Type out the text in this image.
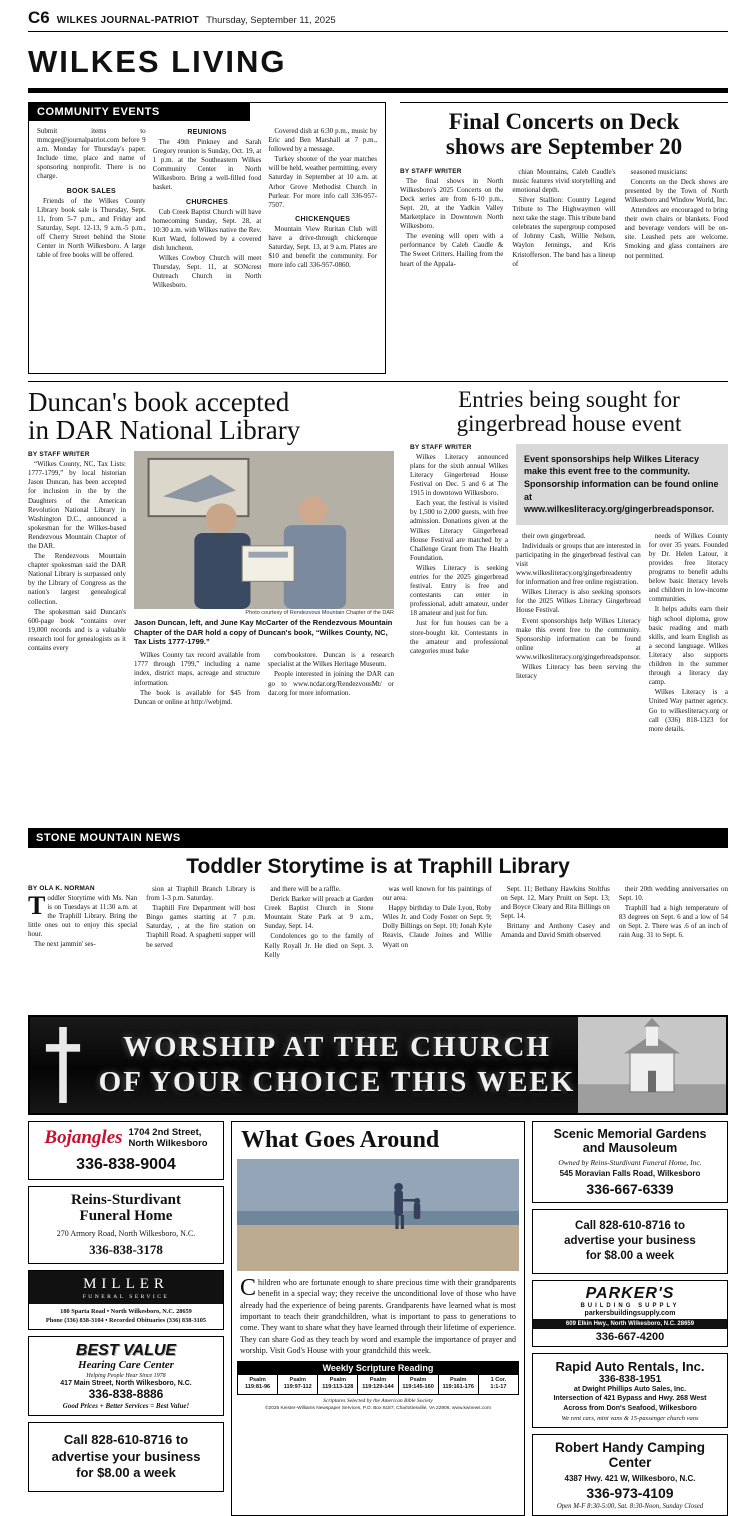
C6 WILKES JOURNAL-PATRIOT Thursday, September 11, 2025
WILKES LIVING
COMMUNITY EVENTS

Submit items to mmcgee@journalpatriot.com before 9 a.m. Monday for Thursday's paper. Include time, place and name of sponsoring nonprofit. There is no charge.

BOOK SALES

Friends of the Wilkes County Library book sale is Thursday, Sept. 11, from 5-7 p.m., and Friday and Saturday, Sept. 12-13, 9 a.m.-5 p.m., off Cherry Street behind the Stone Center in North Wilkesboro. A large table of free books will be offered.

REUNIONS

The 49th Pinkney and Sarah Gregory reunion is Sunday, Oct. 19, at 1 p.m. at the Southeastern Wilkes Community Center in North Wilkesboro. Bring a well-filled food basket.

CHURCHES

Cub Creek Baptist Church will have homecoming Sunday, Sept. 28, at 10:30 a.m. with Wilkes native the Rev. Kurt Ward, followed by a covered dish luncheon.

Wilkes Cowboy Church will meet Thursday, Sept. 11, at SONcrest Outreach Church in North Wilkesboro.

Covered dish at 6:30 p.m., music by Eric and Ben Marshall at 7 p.m., followed by a message.

Turkey shooter of the year matches will be held, weather permitting, every Saturday in September at 10 a.m. at Arbor Grove Methodist Church in Purlear. For more info call 336-957-7507.

CHICKENQUES

Mountain View Ruritan Club will have a drive-through chickenque Saturday, Sept. 13, at 9 a.m. Plates are $10 and benefit the community. For more info call 336-957-0860.

Final Concerts on Deck
shows are September 20
BY STAFF WRITER

The final shows in North Wilkesboro's 2025 Concerts on the Deck series are from 6-10 p.m., Sept. 20, at the Yadkin Valley Marketplace in Downtown North Wilkesboro.

The evening will open with a performance by Caleb Caudle & The Sweet Critters. Hailing from the heart of the Appala-

chian Mountains, Caleb Caudle's music features vivid storytelling and emotional depth.

Silver Stallion: Country Legend Tribute to The Highwaymen will next take the stage. This tribute band celebrates the supergroup composed of Johnny Cash, Willie Nelson, Waylon Jennings, and Kris Kristofferson. The band has a lineup of

seasoned musicians:

Concerts on the Deck shows are presented by the Town of North Wilkesboro and Window World, Inc.

Attendees are encouraged to bring their own chairs or blankets. Food and beverage vendors will be on-site. Leashed pets are welcome. Smoking and glass containers are not permitted.

Duncan's book accepted
in DAR National Library
BY STAFF WRITER

“Wilkes County, NC, Tax Lists: 1777-1799,” by local historian Jason Duncan, has been accepted for inclusion in the by the Daughters of the American Revolution National Library in Washington D.C., announced a spokesman for the Wilkes-based Rendezvous Mountain Chapter of the DAR.

The Rendezvous Mountain chapter spokesman said the DAR National Library is surpassed only by the Library of Congress as the nation's largest genealogical collection.

The spokesman said Duncan's 600-page book “contains over 19,000 records and is a valuable research tool for genealogists as it contains every

Photo courtesy of Rendezvous Mountain Chapter of the DAR
Jason Duncan, left, and June Kay McCarter of the Rendezvous Mountain Chapter of the DAR hold a copy of Duncan's book, “Wilkes County, NC, Tax Lists 1777-1799.”

Wilkes County tax record available from 1777 through 1799,” including a name index, district maps, acreage and structure information.

The book is available for $45 from Duncan or online at http://webjmd.

com/bookstore. Duncan is a research specialist at the Wilkes Heritage Museum.

People interested in joining the DAR can go to www.ncdar.org/RendezvousMt/ or dar.org for more information.

Entries being sought for
gingerbread house event
BY STAFF WRITER

Wilkes Literacy announced plans for the sixth annual Wilkes Literacy Gingerbread House Festival on Dec. 5 and 6 at The 1915 in downtown Wilkesboro.

Each year, the festival is visited by 1,500 to 2,000 guests, with free admission. Donations given at the Wilkes Literacy Gingerbread House Festival are matched by a Challenge Grant from The Health Foundation.

Wilkes Literacy is seeking entries for the 2025 gingerbread festival. Entry is free and contestants can enter in professional, adult amateur, under 18 amateur and just for fun.

Just for fun houses can be a store-bought kit. Contestants in the amateur and professional categories must bake

Event sponsorships help Wilkes Literacy make this event free to the community. Sponsorship information can be found online at www.wilkesliteracy.org/gingerbreadsponsor.

their own gingerbread.

Individuals or groups that are interested in participating in the gingerbread festival can visit www.wilkesliteracy.org/gingerbreadentry for information and free online registration.

Wilkes Literacy is also seeking sponsors for the 2025 Wilkes Literacy Gingerbread House Festival.

Event sponsorships help Wilkes Literacy make this event free to the community. Sponsorship information can be found online at www.wilkesliteracy.org/gingerbreadsponsor.

Wilkes Literacy has been serving the literacy

needs of Wilkes County for over 35 years. Founded by Dr. Helen Latour, it provides free literacy programs to benefit adults below basic literacy levels and children in low-income communities.

It helps adults earn their high school diploma, grow basic reading and math skills, and learn English as a second language. Wilkes Literacy also supports children in the summer through a literacy day camp.

Wilkes Literacy is a United Way partner agency. Go to wilkesliteracy.org or call (336) 818-1323 for more details.

STONE MOUNTAIN NEWS
Toddler Storytime is at Traphill Library
BY OLA K. NORMAN

Toddler Storytime with Ms. Nan is on Tuesdays at 11:30 a.m. at the Traphill Library. Bring the little ones out to enjoy this special hour.

The next jammin' ses-

sion at Traphill Branch Library is from 1-3 p.m. Saturday.

Traphill Fire Department will host Bingo games starting at 7 p.m. Saturday, , at the fire station on Traphill Road. A spaghetti supper will be served

and there will be a raffle.

Derick Barker will preach at Garden Creek Baptist Church in Stone Mountain State Park at 9 a.m., Sunday, Sept. 14.

Condolences go to the family of Kelly Royall Jr. He died on Sept. 3. Kelly

was well known for his paintings of our area.

Happy birthday to Dale Lyon, Roby Wiles Jr. and Cody Foster on Sept. 9; Dolly Billings on Sept. 10; Jonah Kyle Reavis, Claude Joines and Willie Wyatt on

Sept. 11; Bethany Hawkins Stoltfus on Sept. 12, Mary Pruitt on Sept. 13; and Boyce Cleary and Rita Billings on Sept. 14.

Brittany and Anthony Casey and Amanda and David Smith observed

their 20th wedding anniversaries on Sept. 10.

Traphill had a high temperature of 83 degrees on Sept. 6 and a low of 54 on Sept. 2. There was .6 of an inch of rain Aug. 31 to Sept. 6.

WORSHIP AT THE CHURCH
OF YOUR CHOICE THIS WEEK
Bojangles 1704 2nd Street,
North Wilkesboro
336-838-9004
Reins-Sturdivant
Funeral Home
270 Armory Road, North Wilkesboro, N.C.
336-838-3178
MILLER
FUNERAL SERVICE
180 Sparta Road • North Wilkesboro, N.C. 28659
Phone (336) 838-3104 • Recorded Obituaries (336) 838-3105
BEST VALUE
Hearing Care Center
Helping People Hear Since 1978
417 Main Street, North Wilkesboro, N.C.
336-838-8886
Good Prices + Better Services = Best Value!
Call 828-610-8716 to
advertise your business
for $8.00 a week
What Goes Around
Children who are fortunate enough to share precious time with their grandparents benefit in a special way; they receive the unconditional love of those who have already had the experience of being parents. Grandparents have learned what is most important to teach their grandchildren, what is important to pass to generations to come. They want to share what they have learned through their lifetime of experience. They can share God as they teach by word and example the importance of prayer and worship. Visit God's House with your grandchild this week.
Weekly Scripture Reading
Psalm
119:81-96
Psalm
119:97-112
Psalm
119:113-128
Psalm
119:129-144
Psalm
119:145-160
Psalm
119:161-176
1 Cor.
1:1-17
Scriptures Selected by the American Bible Society
©2025 Keister-Williams Newspaper Services, P.O. Box 8187, Charlottesville, VA 22906, www.kwnews.com
Scenic Memorial Gardens
and Mausoleum
Owned by Reins-Sturdivant Funeral Home, Inc.
545 Moravian Falls Road, Wilkesboro
336-667-6339
Call 828-610-8716 to
advertise your business
for $8.00 a week
PARKER'S
BUILDING SUPPLY
parkersbuildingsupply.com
609 Elkin Hwy., North Wilkesboro, N.C. 28659
336-667-4200
Rapid Auto Rentals, Inc.
336-838-1951
at Dwight Phillips Auto Sales, Inc.
Intersection of 421 Bypass and Hwy. 268 West
Across from Don's Seafood, Wilkesboro
We rent cars, mini vans & 15-passenger church vans
Robert Handy Camping
Center
4387 Hwy. 421 W, Wilkesboro, N.C.
336-973-4109
Open M-F 8:30-5:00, Sat. 8:30-Noon, Sunday Closed
